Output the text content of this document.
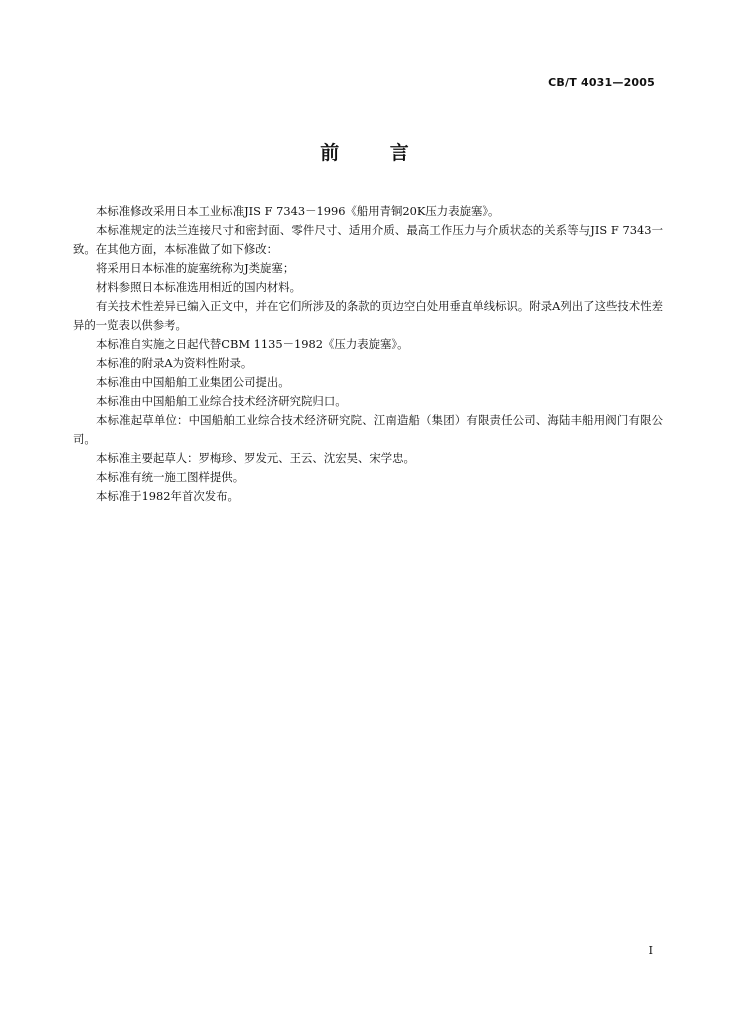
CB/T 4031—2005
前 言

本标准修改采用日本工业标准JIS F 7343－1996《船用青铜20K压力表旋塞》。

本标准规定的法兰连接尺寸和密封面、零件尺寸、适用介质、最高工作压力与介质状态的关系等与JIS F 7343一致。在其他方面，本标准做了如下修改：

将采用日本标准的旋塞统称为J类旋塞；

材料参照日本标准选用相近的国内材料。

有关技术性差异已编入正文中，并在它们所涉及的条款的页边空白处用垂直单线标识。附录A列出了这些技术性差异的一览表以供参考。

本标准自实施之日起代替CBM 1135－1982《压力表旋塞》。

本标准的附录A为资料性附录。

本标准由中国船舶工业集团公司提出。

本标准由中国船舶工业综合技术经济研究院归口。

本标准起草单位：中国船舶工业综合技术经济研究院、江南造船（集团）有限责任公司、海陆丰船用阀门有限公司。

本标准主要起草人：罗梅珍、罗发元、王云、沈宏昊、宋学忠。

本标准有统一施工图样提供。

本标准于1982年首次发布。

I
